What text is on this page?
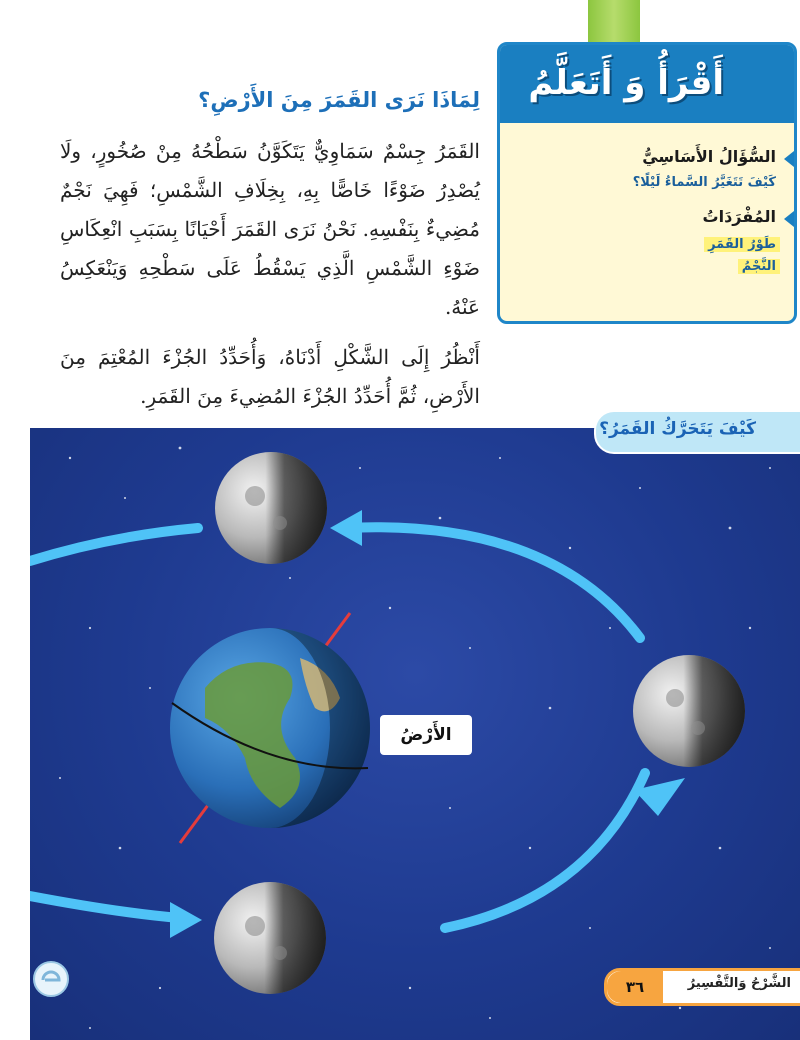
أَقْرَأُ وَ أَتَعَلَّمُ
السُّؤَالُ الأَسَاسِيُّ
كَيْفَ تَتَغَيَّرُ السَّماءُ لَيْلًا؟
المُفْرَدَاتُ
طَوْرُ القَمَرِ
النَّجْمُ
لِمَاذَا نَرَى القَمَرَ مِنَ الأَرْضِ؟
القَمَرُ جِسْمٌ سَمَاوِيٌّ يَتَكَوَّنُ سَطْحُهُ مِنْ صُخُورٍ، ولَا يُصْدِرُ ضَوْءًا خَاصًّا بِهِ، بِخِلَافِ الشَّمْسِ؛ فَهِيَ نَجْمٌ مُضِيءٌ بِنَفْسِهِ. نَحْنُ نَرَى القَمَرَ أَحْيَانًا بِسَبَبِ انْعِكَاسِ ضَوْءِ الشَّمْسِ الَّذِي يَسْقُطُ عَلَى سَطْحِهِ وَيَنْعَكِسُ عَنْهُ.
أَنْظُرُ إِلَى الشَّكْلِ أَدْنَاهُ، وَأُحَدِّدُ الجُزْءَ المُعْتِمَ مِنَ الأَرْضِ، ثُمَّ أُحَدِّدُ الجُزْءَ المُضِيءَ مِنَ القَمَرِ.
كَيْفَ يَتَحَرَّكُ القَمَرُ؟
الأَرْضُ
الشَّرْحُ وَالتَّفْسِيرُ
٣٦
